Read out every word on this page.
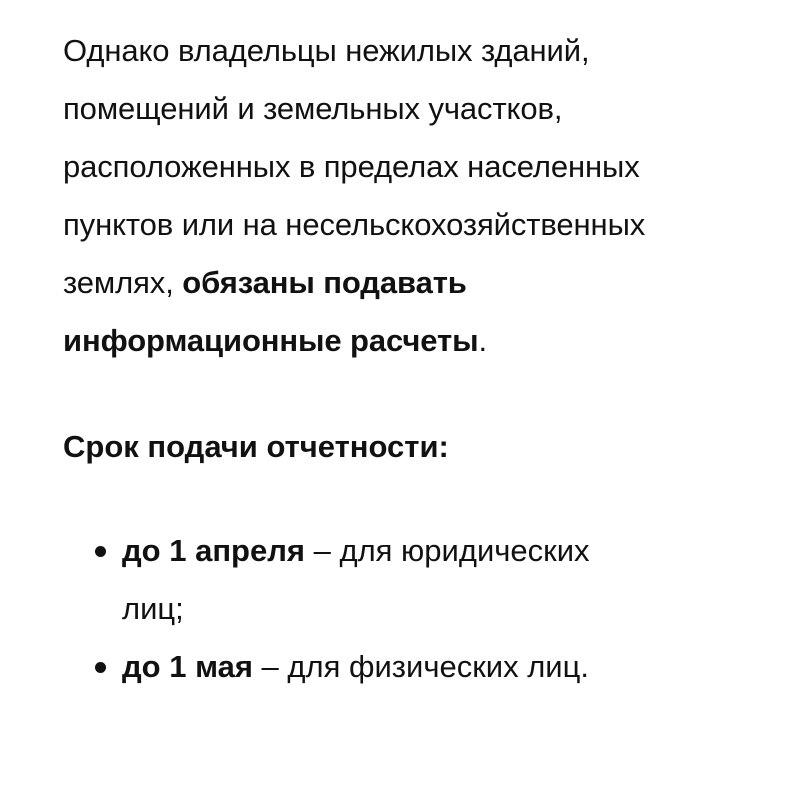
Однако владельцы нежилых зданий, помещений и земельных участков, расположенных в пределах населенных пунктов или на несельскохозяйственных землях, обязаны подавать информационные расчеты.

Срок подачи отчетности:

до 1 апреля – для юридических лиц;
до 1 мая – для физических лиц.
